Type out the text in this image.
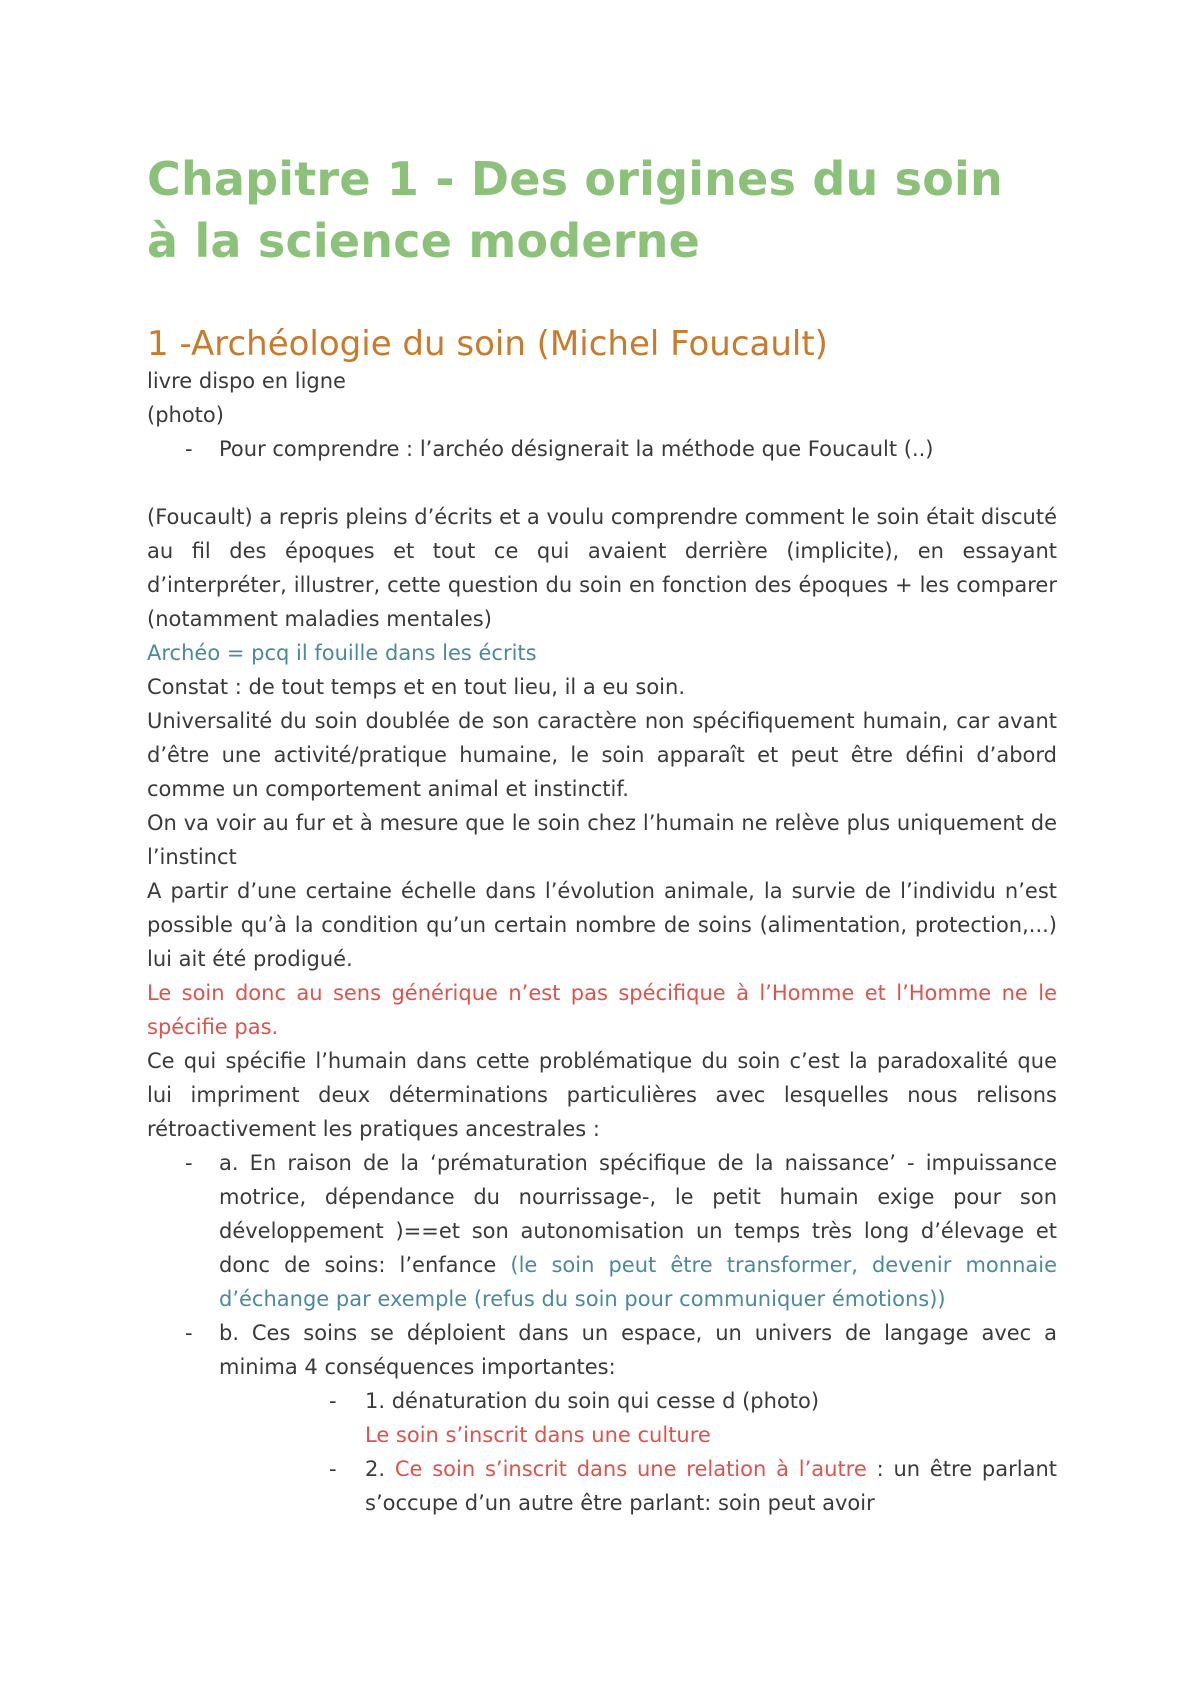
Chapitre 1 - Des origines du soin
à la science moderne
1 -Archéologie du soin (Michel Foucault)

livre dispo en ligne

(photo)

- Pour comprendre : l’archéo désignerait la méthode que Foucault (..)

(Foucault) a repris pleins d’écrits et a voulu comprendre comment le soin était discuté au fil des époques et tout ce qui avaient derrière (implicite), en essayant d’interpréter, illustrer, cette question du soin en fonction des époques + les comparer (notamment maladies mentales)

Archéo = pcq il fouille dans les écrits

Constat : de tout temps et en tout lieu, il a eu soin.

Universalité du soin doublée de son caractère non spécifiquement humain, car avant d’être une activité/pratique humaine, le soin apparaît et peut être défini d’abord comme un comportement animal et instinctif.

On va voir au fur et à mesure que le soin chez l’humain ne relève plus uniquement de l’instinct

A partir d’une certaine échelle dans l’évolution animale, la survie de l’individu n’est possible qu’à la condition qu’un certain nombre de soins (alimentation, protection,...) lui ait été prodigué.

Le soin donc au sens générique n’est pas spécifique à l’Homme et l’Homme ne le spécifie pas.

Ce qui spécifie l’humain dans cette problématique du soin c’est la paradoxalité que lui impriment deux déterminations particulières avec lesquelles nous relisons rétroactivement les pratiques ancestrales :

- a. En raison de la ‘prématuration spécifique de la naissance’ - impuissance motrice, dépendance du nourrissage-, le petit humain exige pour son développement )==et son autonomisation un temps très long d’élevage et donc de soins: l’enfance (le soin peut être transformer, devenir monnaie d’échange par exemple (refus du soin pour communiquer émotions))
- b. Ces soins se déploient dans un espace, un univers de langage avec a minima 4 conséquences importantes:
- 1. dénaturation du soin qui cesse d (photo)
Le soin s’inscrit dans une culture
- 2. Ce soin s’inscrit dans une relation à l’autre : un être parlant s’occupe d’un autre être parlant: soin peut avoir
